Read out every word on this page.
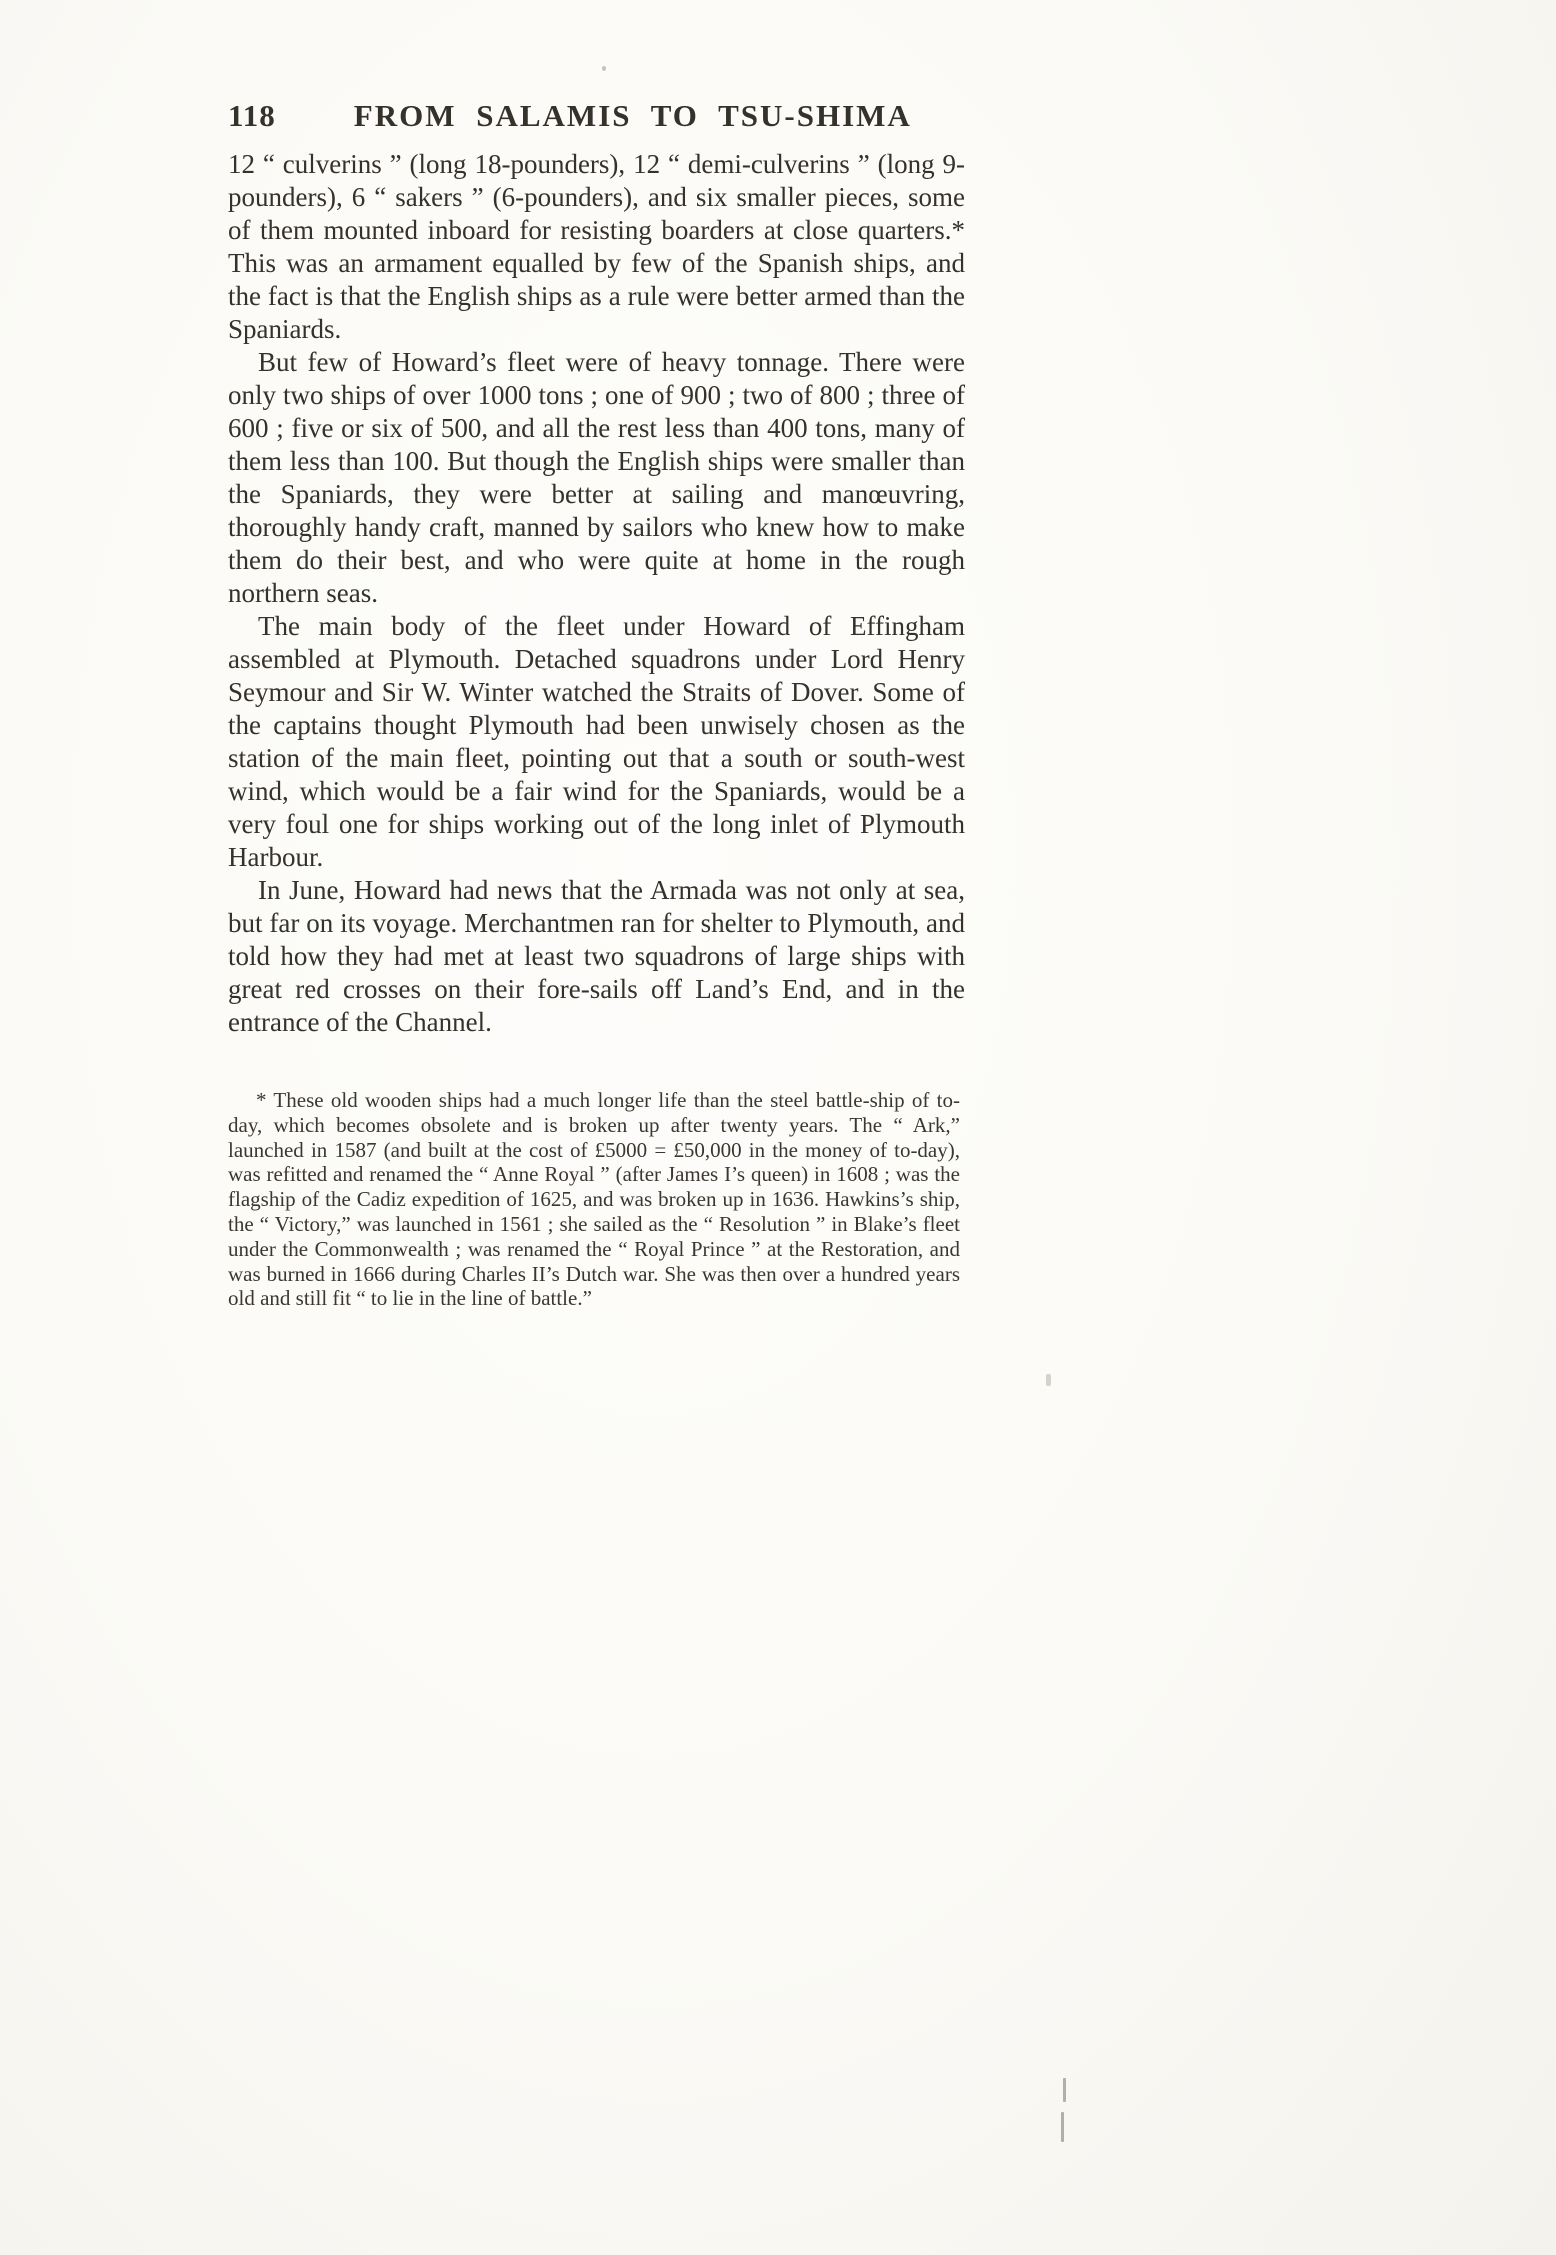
118	FROM SALAMIS TO TSU-SHIMA

12 “ culverins ” (long 18-pounders), 12 “ demi-culverins ” (long 9-pounders), 6 “ sakers ” (6-pounders), and six smaller pieces, some of them mounted inboard for resisting boarders at close quarters.* This was an armament equalled by few of the Spanish ships, and the fact is that the English ships as a rule were better armed than the Spaniards.

But few of Howard’s fleet were of heavy tonnage. There were only two ships of over 1000 tons ; one of 900 ; two of 800 ; three of 600 ; five or six of 500, and all the rest less than 400 tons, many of them less than 100. But though the English ships were smaller than the Spaniards, they were better at sailing and manœuvring, thoroughly handy craft, manned by sailors who knew how to make them do their best, and who were quite at home in the rough northern seas.

The main body of the fleet under Howard of Effingham assembled at Plymouth. Detached squadrons under Lord Henry Seymour and Sir W. Winter watched the Straits of Dover. Some of the captains thought Plymouth had been unwisely chosen as the station of the main fleet, pointing out that a south or south-west wind, which would be a fair wind for the Spaniards, would be a very foul one for ships working out of the long inlet of Plymouth Harbour.

In June, Howard had news that the Armada was not only at sea, but far on its voyage. Merchantmen ran for shelter to Plymouth, and told how they had met at least two squadrons of large ships with great red crosses on their fore-sails off Land’s End, and in the entrance of the Channel.

* These old wooden ships had a much longer life than the steel battle-ship of to-day, which becomes obsolete and is broken up after twenty years. The “ Ark,” launched in 1587 (and built at the cost of £5000 = £50,000 in the money of to-day), was refitted and renamed the “ Anne Royal ” (after James I’s queen) in 1608 ; was the flagship of the Cadiz expedition of 1625, and was broken up in 1636. Hawkins’s ship, the “ Victory,” was launched in 1561 ; she sailed as the “ Resolution ” in Blake’s fleet under the Commonwealth ; was renamed the “ Royal Prince ” at the Restoration, and was burned in 1666 during Charles II’s Dutch war. She was then over a hundred years old and still fit “ to lie in the line of battle.”
